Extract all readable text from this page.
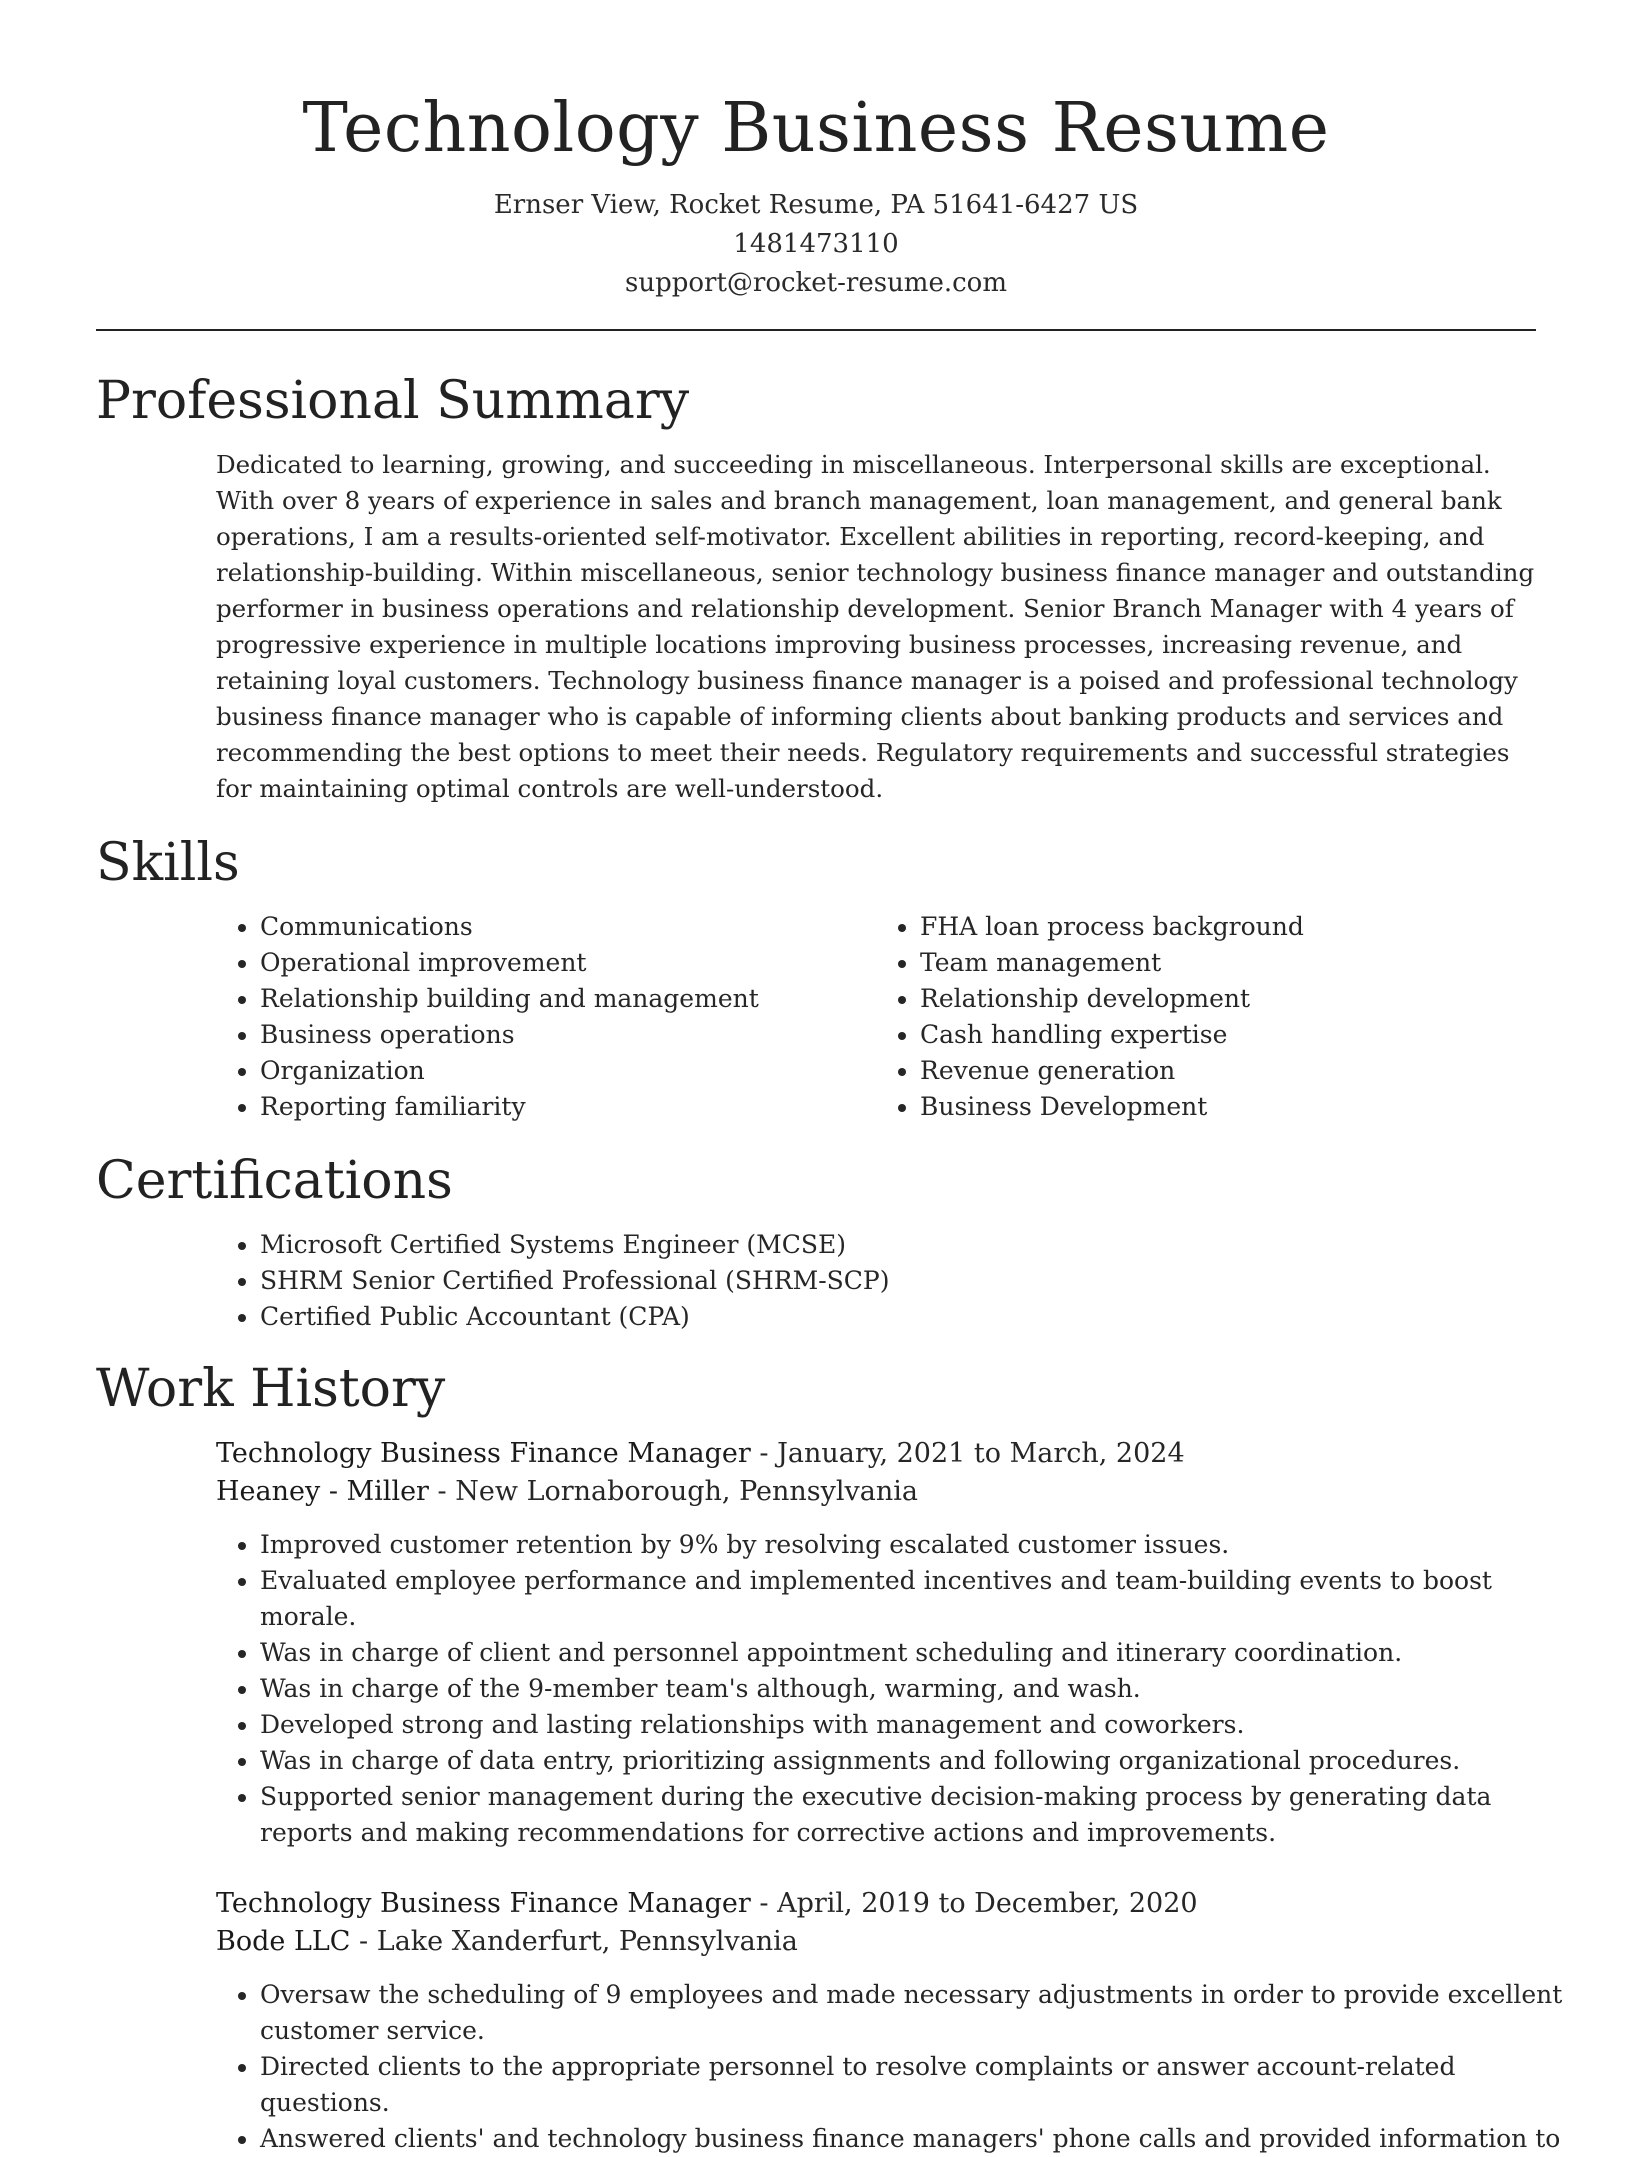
Technology Business Resume
Ernser View, Rocket Resume, PA 51641-6427 US
1481473110
support@rocket-resume.com
Professional Summary
Dedicated to learning, growing, and succeeding in miscellaneous. Interpersonal skills are exceptional. With over 8 years of experience in sales and branch management, loan management, and general bank operations, I am a results-oriented self-motivator. Excellent abilities in reporting, record-keeping, and relationship-building. Within miscellaneous, senior technology business finance manager and outstanding performer in business operations and relationship development. Senior Branch Manager with 4 years of progressive experience in multiple locations improving business processes, increasing revenue, and retaining loyal customers. Technology business finance manager is a poised and professional technology business finance manager who is capable of informing clients about banking products and services and recommending the best options to meet their needs. Regulatory requirements and successful strategies for maintaining optimal controls are well-understood.
Skills
• Communications
• Operational improvement
• Relationship building and management
• Business operations
• Organization
• Reporting familiarity
• FHA loan process background
• Team management
• Relationship development
• Cash handling expertise
• Revenue generation
• Business Development
Certifications
• Microsoft Certified Systems Engineer (MCSE)
• SHRM Senior Certified Professional (SHRM-SCP)
• Certified Public Accountant (CPA)
Work History
Technology Business Finance Manager - January, 2021 to March, 2024
Heaney - Miller - New Lornaborough, Pennsylvania
• Improved customer retention by 9% by resolving escalated customer issues.
• Evaluated employee performance and implemented incentives and team-building events to boost morale.
• Was in charge of client and personnel appointment scheduling and itinerary coordination.
• Was in charge of the 9-member team's although, warming, and wash.
• Developed strong and lasting relationships with management and coworkers.
• Was in charge of data entry, prioritizing assignments and following organizational procedures.
• Supported senior management during the executive decision-making process by generating data reports and making recommendations for corrective actions and improvements.
Technology Business Finance Manager - April, 2019 to December, 2020
Bode LLC - Lake Xanderfurt, Pennsylvania
• Oversaw the scheduling of 9 employees and made necessary adjustments in order to provide excellent customer service.
• Directed clients to the appropriate personnel to resolve complaints or answer account-related questions.
• Answered clients' and technology business finance managers' phone calls and provided information to
